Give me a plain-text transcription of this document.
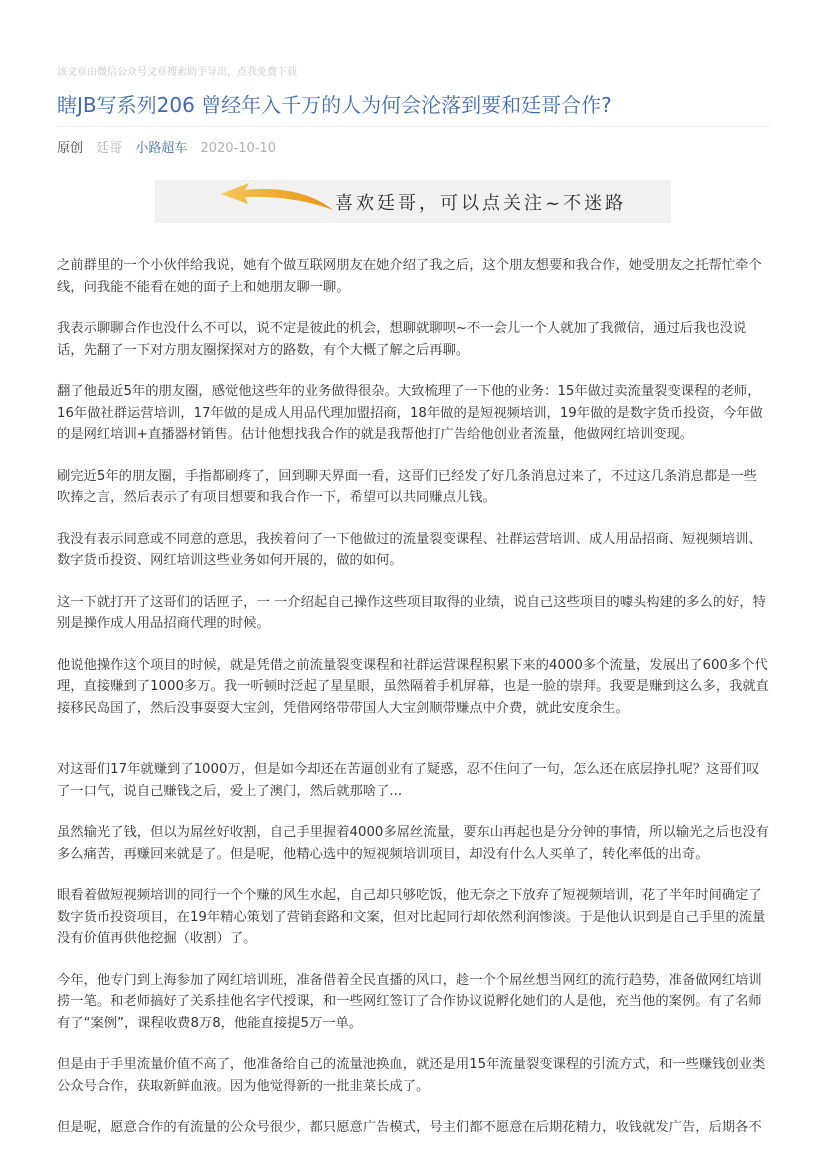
该文章由微信公众号文章搜索助手导出，点我免费下载
瞎JB写系列206 曾经年入千万的人为何会沦落到要和廷哥合作?
原创 廷哥 小路超车 2020-10-10
喜欢廷哥，可以点关注~不迷路

之前群里的一个小伙伴给我说，她有个做互联网朋友在她介绍了我之后，这个朋友想要和我合作，她受朋友之托帮忙牵个线，问我能不能看在她的面子上和她朋友聊一聊。

我表示聊聊合作也没什么不可以，说不定是彼此的机会，想聊就聊呗~不一会儿一个人就加了我微信，通过后我也没说话，先翻了一下对方朋友圈探探对方的路数，有个大概了解之后再聊。

翻了他最近5年的朋友圈，感觉他这些年的业务做得很杂。大致梳理了一下他的业务：15年做过卖流量裂变课程的老师，16年做社群运营培训，17年做的是成人用品代理加盟招商，18年做的是短视频培训，19年做的是数字货币投资，今年做的是网红培训+直播器材销售。估计他想找我合作的就是我帮他打广告给他创业者流量，他做网红培训变现。

刷完近5年的朋友圈，手指都刷疼了，回到聊天界面一看，这哥们已经发了好几条消息过来了，不过这几条消息都是一些吹捧之言，然后表示了有项目想要和我合作一下，希望可以共同赚点儿钱。

我没有表示同意或不同意的意思，我挨着问了一下他做过的流量裂变课程、社群运营培训、成人用品招商、短视频培训、数字货币投资、网红培训这些业务如何开展的，做的如何。

这一下就打开了这哥们的话匣子，一 一介绍起自己操作这些项目取得的业绩，说自己这些项目的噱头构建的多么的好，特别是操作成人用品招商代理的时候。

他说他操作这个项目的时候，就是凭借之前流量裂变课程和社群运营课程积累下来的4000多个流量，发展出了600多个代理，直接赚到了1000多万。我一听顿时泛起了星星眼，虽然隔着手机屏幕，也是一脸的崇拜。我要是赚到这么多，我就直接移民岛国了，然后没事耍耍大宝剑，凭借网络带带国人大宝剑顺带赚点中介费，就此安度余生。

对这哥们17年就赚到了1000万，但是如今却还在苦逼创业有了疑惑，忍不住问了一句，怎么还在底层挣扎呢？这哥们叹了一口气，说自己赚钱之后，爱上了澳门，然后就那啥了...

虽然输光了钱，但以为屌丝好收割，自己手里握着4000多屌丝流量，要东山再起也是分分钟的事情，所以输光之后也没有多么痛苦，再赚回来就是了。但是呢，他精心选中的短视频培训项目，却没有什么人买单了，转化率低的出奇。

眼看着做短视频培训的同行一个个赚的风生水起，自己却只够吃饭，他无奈之下放弃了短视频培训，花了半年时间确定了数字货币投资项目，在19年精心策划了营销套路和文案，但对比起同行却依然利润惨淡。于是他认识到是自己手里的流量没有价值再供他挖掘（收割）了。

今年，他专门到上海参加了网红培训班，准备借着全民直播的风口，趁一个个屌丝想当网红的流行趋势，准备做网红培训捞一笔。和老师搞好了关系挂他名字代授课，和一些网红签订了合作协议说孵化她们的人是他，充当他的案例。有了名师有了“案例”，课程收费8万8，他能直接提5万一单。

但是由于手里流量价值不高了，他准备给自己的流量池换血，就还是用15年流量裂变课程的引流方式，和一些赚钱创业类公众号合作，获取新鲜血液。因为他觉得新的一批韭菜长成了。

但是呢，愿意合作的有流量的公众号很少，都只愿意广告模式，号主们都不愿意在后期花精力，收钱就发广告，后期各不
